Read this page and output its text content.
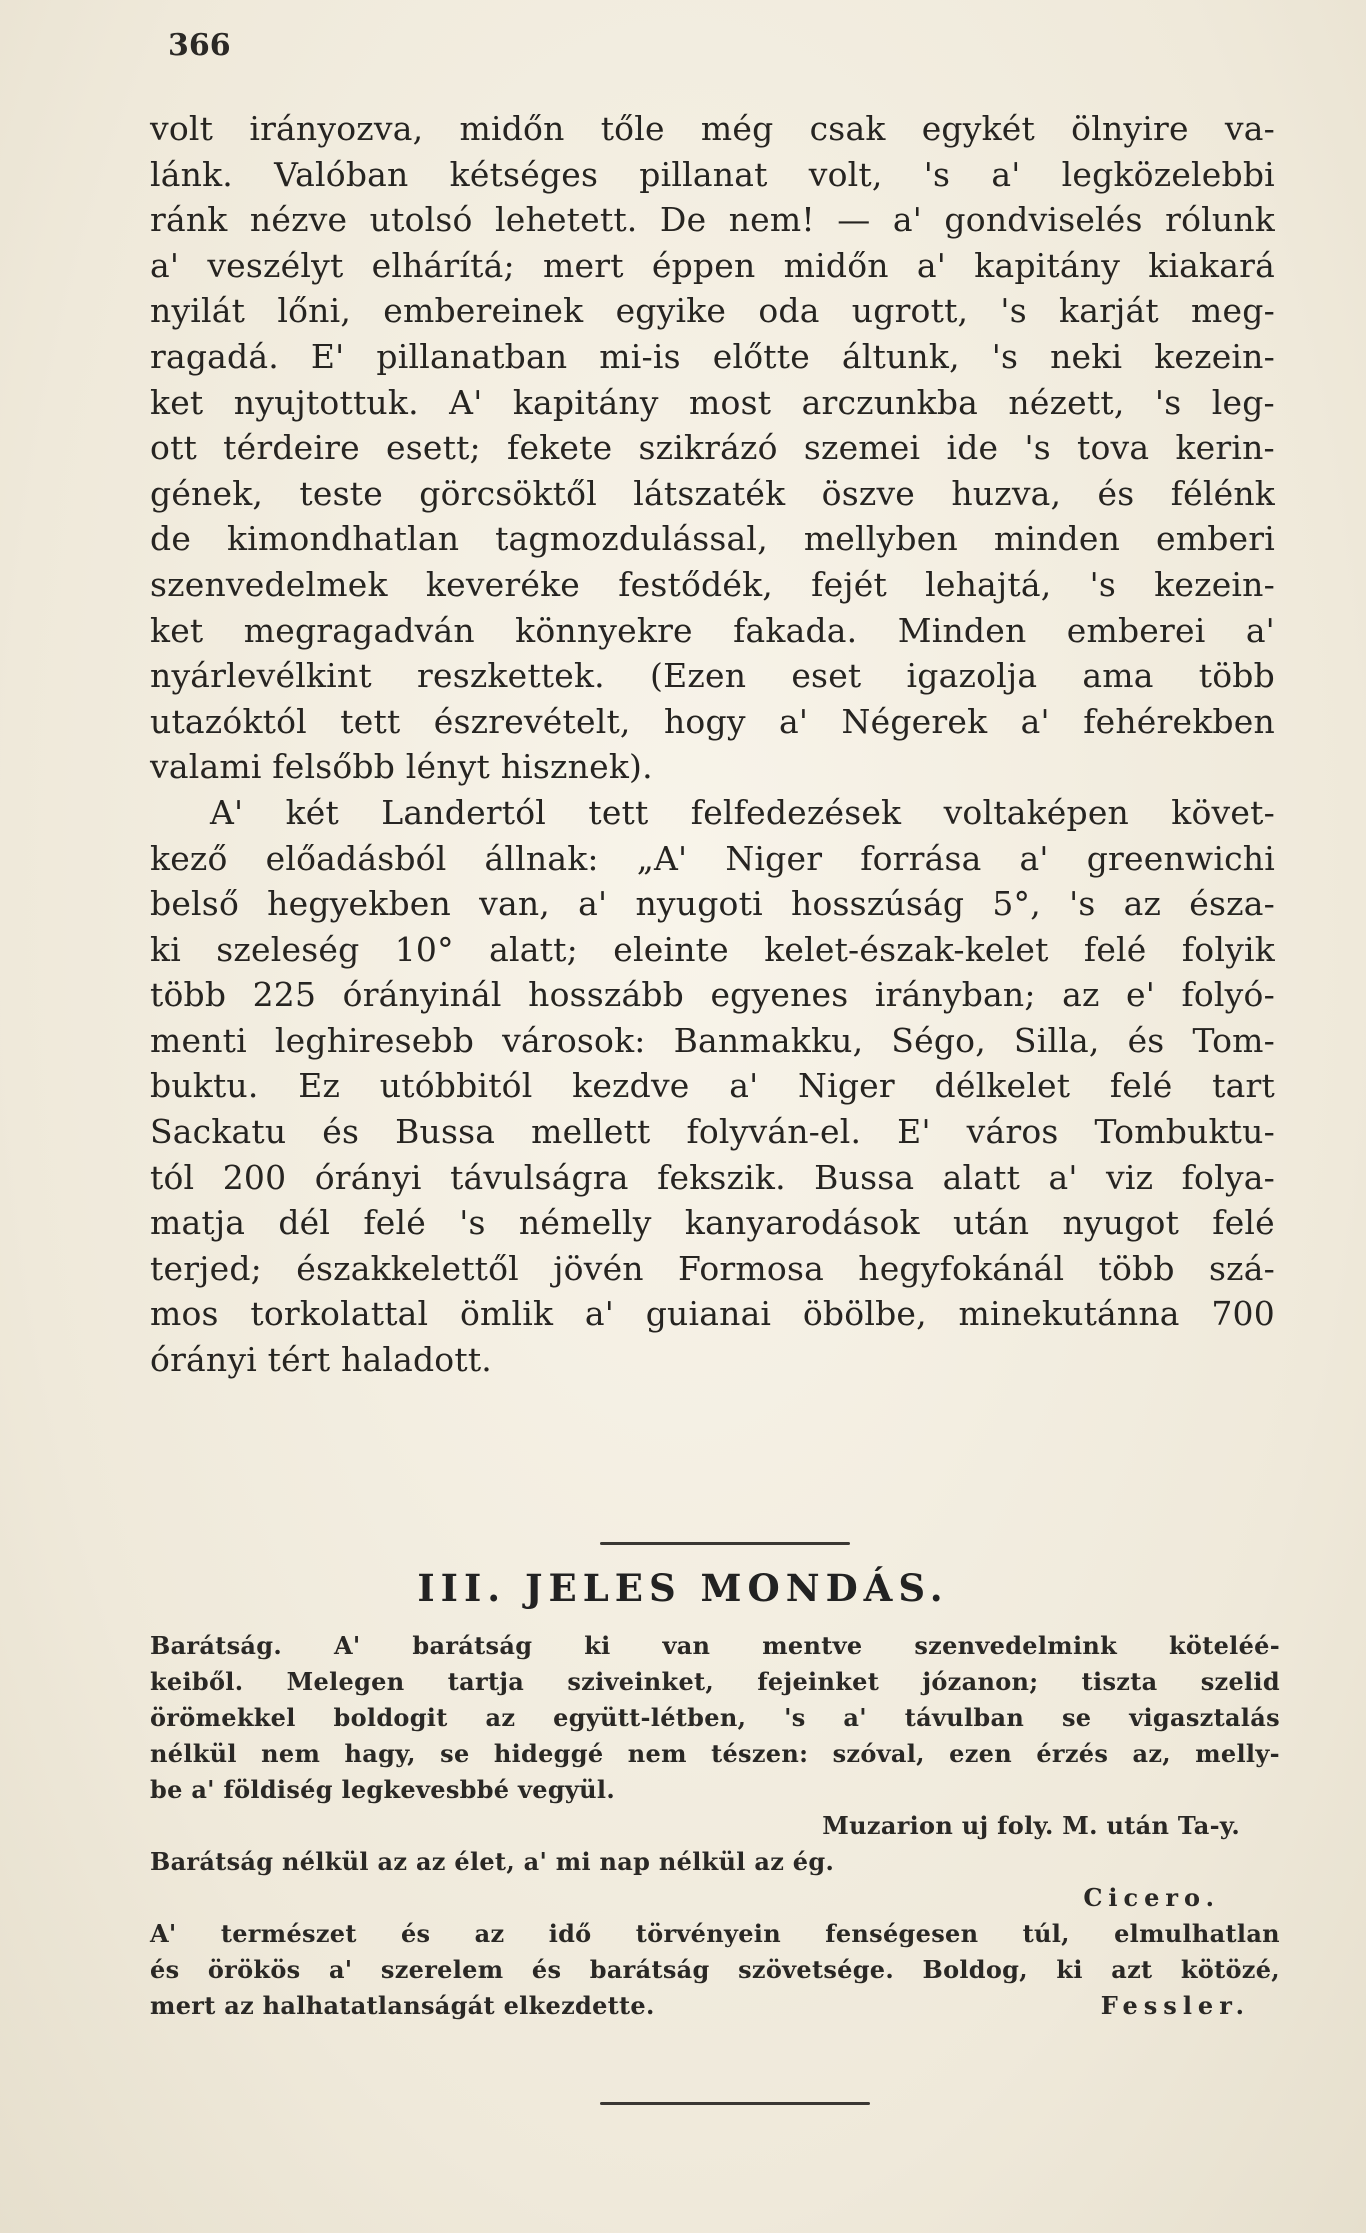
366
volt irányozva, midőn tőle még csak egykét ölnyire va-
lánk. Valóban kétséges pillanat volt, 's a' legközelebbi
ránk nézve utolsó lehetett. De nem! — a' gondviselés rólunk
a' veszélyt elhárítá; mert éppen midőn a' kapitány kiakará
nyilát lőni, embereinek egyike oda ugrott, 's karját meg-
ragadá. E' pillanatban mi-is előtte áltunk, 's neki kezein-
ket nyujtottuk. A' kapitány most arczunkba nézett, 's leg-
ott térdeire esett; fekete szikrázó szemei ide 's tova kerin-
gének, teste görcsöktől látszaték öszve huzva, és félénk
de kimondhatlan tagmozdulással, mellyben minden emberi
szenvedelmek keveréke festődék, fejét lehajtá, 's kezein-
ket megragadván könnyekre fakada. Minden emberei a'
nyárlevélkint reszkettek. (Ezen eset igazolja ama több
utazóktól tett észrevételt, hogy a' Négerek a' fehérekben
valami
felsőbb
lényt
hisznek).
A' két Landertól tett felfedezések voltaképen követ-
kező előadásból állnak: „A' Niger forrása a' greenwichi
belső hegyekben van, a' nyugoti hosszúság 5°, 's az észa-
ki szeleség 10° alatt; eleinte kelet-észak-kelet felé folyik
több 225 órányinál hosszább egyenes irányban; az e' folyó-
menti leghiresebb városok: Banmakku, Ségo, Silla, és Tom-
buktu. Ez utóbbitól kezdve a' Niger délkelet felé tart
Sackatu és Bussa mellett folyván-el. E' város Tombuktu-
tól 200 órányi távulságra fekszik. Bussa alatt a' viz folya-
matja dél felé 's némelly kanyarodások után nyugot felé
terjed; északkelettől jövén Formosa hegyfokánál több szá-
mos torkolattal ömlik a' guianai öbölbe, minekutánna 700
órányi
tért
haladott.
III. JELES MONDÁS.
Barátság. A' barátság ki van mentve szenvedelmink köteléé-
keiből. Melegen tartja sziveinket, fejeinket józanon; tiszta szelid
örömekkel boldogit az együtt-létben, 's a' távulban se vigasztalás
nélkül nem hagy, se hideggé nem tészen: szóval, ezen érzés az, melly-
be
a'
földiség
legkevesbbé
vegyül.
Muzarion uj foly. M. után Ta-y.
Barátság nélkül az az élet, a' mi nap nélkül az ég.
Cicero.
A' természet és az idő törvényein fenségesen túl, elmulhatlan
és örökös a' szerelem és barátság szövetsége. Boldog, ki azt kötözé,
mert az halhatatlanságát elkezdette.	Fessler.
